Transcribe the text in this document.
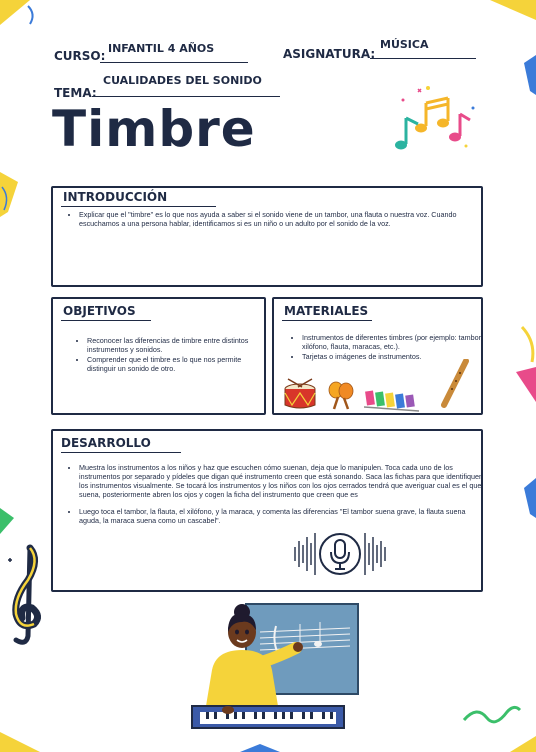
CURSO:
INFANTIL 4 AÑOS	ASIGNATURA:
MÚSICA
CUALIDADES DEL SONIDO
TEMA:
Timbre
INTRODUCCIÓN
• Explicar que el "timbre" es lo que nos ayuda a saber si el sonido viene de un tambor, una flauta o nuestra voz. Cuando escuchamos a una persona hablar, identificamos si es un niño o un adulto por el sonido de la voz.
OBJETIVOS
• Reconocer las diferencias de timbre entre distintos instrumentos y sonidos.
• Comprender que el timbre es lo que nos permite distinguir un sonido de otro.
MATERIALES
• Instrumentos de diferentes timbres (por ejemplo: tambor, xilófono, flauta, maracas, etc.).
• Tarjetas o imágenes de instrumentos.
DESARROLLO
• Muestra los instrumentos a los niños y haz que escuchen cómo suenan, deja que lo manipulen. Toca cada uno de los instrumentos por separado y pídeles que digan qué instrumento creen que está sonando. Saca las fichas para que identifiquen los instrumentos visualmente. Se tocará los instrumentos y los niños con los ojos cerrados tendrá que averiguar cual es el que suena, posteriormente abren los ojos y cogen la ficha del instrumento que creen que es
• Luego toca el tambor, la flauta, el xilófono, y la maraca, y comenta las diferencias "El tambor suena grave, la flauta suena aguda, la maraca suena como un cascabel".
